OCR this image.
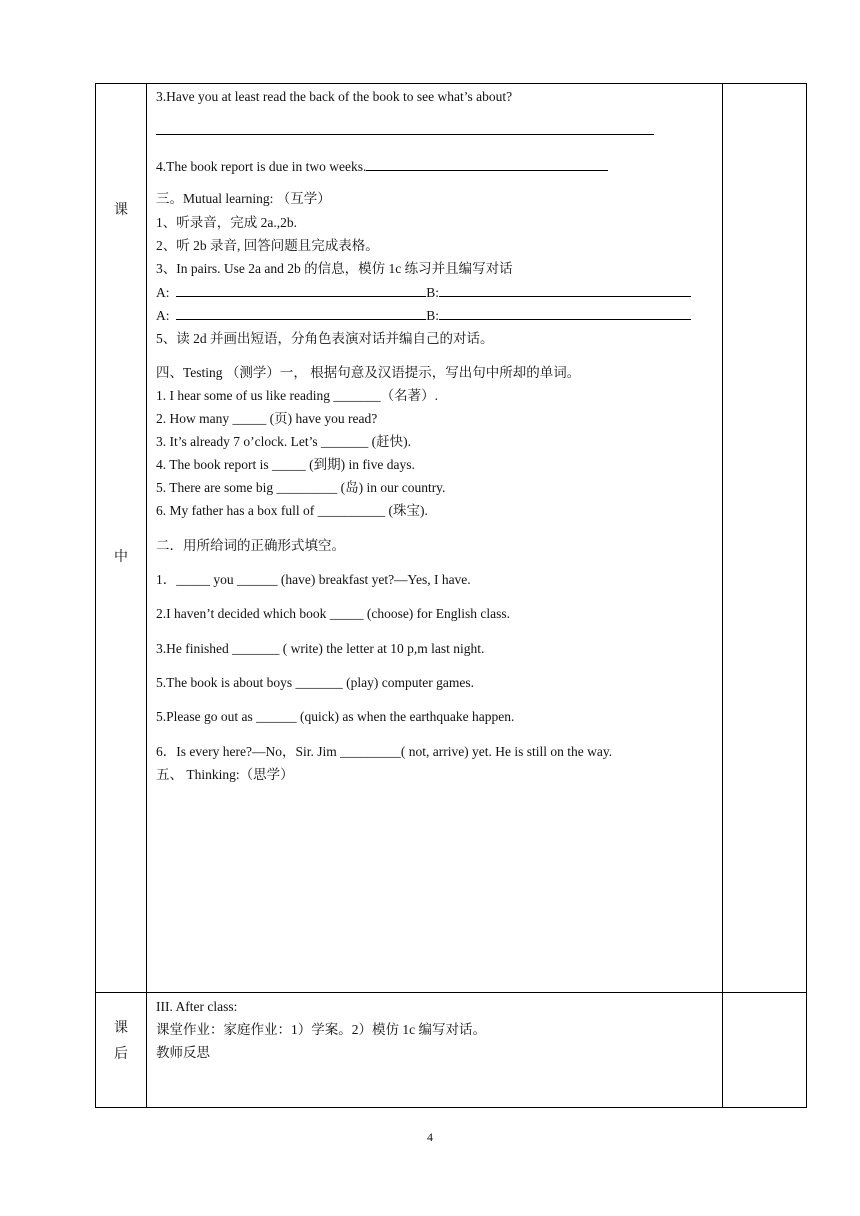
课
中
课
后
3.Have you at least read the back of the book to see what’s about?
4.The book report is due in two weeks.
三。Mutual learning: （互学）
1、听录音，完成 2a.,2b.
2、听 2b 录音, 回答问题且完成表格。
3、In pairs. Use 2a and 2b 的信息，模仿 1c 练习并且编写对话
A:	B:
A:	B:
5、读 2d 并画出短语，分角色表演对话并编自己的对话。
四、Testing （测学）一， 根据句意及汉语提示，写出句中所却的单词。
1. I hear some of us like reading _______（名著）.
2. How many _____ (页) have you read?
3. It’s already 7 o’clock. Let’s _______ (赶快).
4. The book report is _____ (到期) in five days.
5. There are some big _________ (岛) in our country.
6. My father has a box full of __________ (珠宝).
二．用所给词的正确形式填空。
1．_____ you ______ (have) breakfast yet?—Yes, I have.
2.I haven’t decided which book _____ (choose) for English class.
3.He finished _______ ( write) the letter at 10 p,m last night.
5.The book is about boys _______ (play) computer games.
5.Please go out as ______ (quick) as when the earthquake happen.
6．Is every here?—No，Sir. Jim _________( not, arrive) yet. He is still on the way.
五、 Thinking:（思学）
III. After class:
课堂作业：家庭作业：1）学案。2）模仿 1c 编写对话。
教师反思
4
